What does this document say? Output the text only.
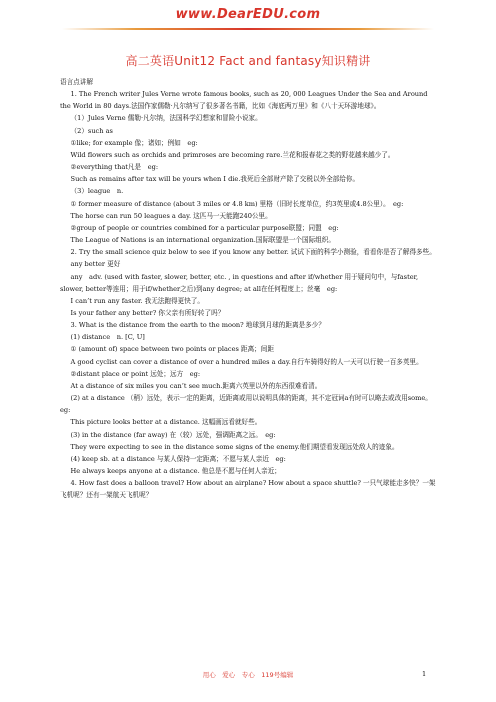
www.DearEDU.com
高二英语Unit12 Fact and fantasy知识精讲

语言点讲解

1. The French writer Jules Verne wrote famous books, such as 20, 000 Leagues Under the Sea and Around the World in 80 days.法国作家儒勒·凡尔纳写了很多著名书籍，比如《海底两万里》和《八十天环游地球》。

（1）Jules Verne 儒勒·凡尔纳，法国科学幻想家和冒险小说家。

（2）such as

①like; for example 像；诸如；例如　eg:

Wild flowers such as orchids and primroses are becoming rare.兰花和报春花之类的野花越来越少了。

②everything that凡是　eg:

Such as remains after tax will be yours when I die.我死后全部财产除了交税以外全部给你。

（3）league　n.

① former measure of distance (about 3 miles or 4.8 km) 里格（旧时长度单位，约3英里或4.8公里）。　eg:

The horse can run 50 leagues a day. 这匹马一天能跑240公里。

②group of people or countries combined for a particular purpose联盟；同盟　eg:

The League of Nations is an international organization.国际联盟是一个国际组织。

2. Try the small science quiz below to see if you know any better. 试试下面的科学小测验，看看你是否了解得多些。

any better 更好

any　adv. (used with faster, slower, better, etc. , in questions and after if/whether 用于疑问句中，与faster, slower, better等连用；用于if/whether之后)到any degree; at all在任何程度上；丝毫　eg:

I can’t run any faster. 我无法跑得更快了。

Is your father any better? 你父亲有所好转了吗？

3. What is the distance from the earth to the moon? 地球到月球的距离是多少？

(1) distance　n. [C, U]

① (amount of) space between two points or places 距离；间距

A good cyclist can cover a distance of over a hundred miles a day.自行车骑得好的人一天可以行驶一百多英里。

②distant place or point 远处；远方　eg:

At a distance of six miles you can’t see much.距离六英里以外的东西很难看清。

(2) at a distance （稍）远处，表示一定的距离，近距离或用以说明具体的距离，其不定冠词a有时可以略去或改用some。　eg:

This picture looks better at a distance. 这幅画远看就好些。

(3) in the distance (far away) 在（较）远处，强调距离之远。　eg:

They were expecting to see in the distance some signs of the enemy.他们期望看发现远处敌人的迹象。

(4) keep sb. at a distance 与某人保持一定距离；不愿与某人亲近　eg:

He always keeps anyone at a distance. 他总是不愿与任何人亲近；

4. How fast does a balloon travel? How about an airplane? How about a space shuttle? 一只气球能走多快？一架飞机呢？还有一架航天飞机呢？

用心　爱心　专心　119号编辑	1
